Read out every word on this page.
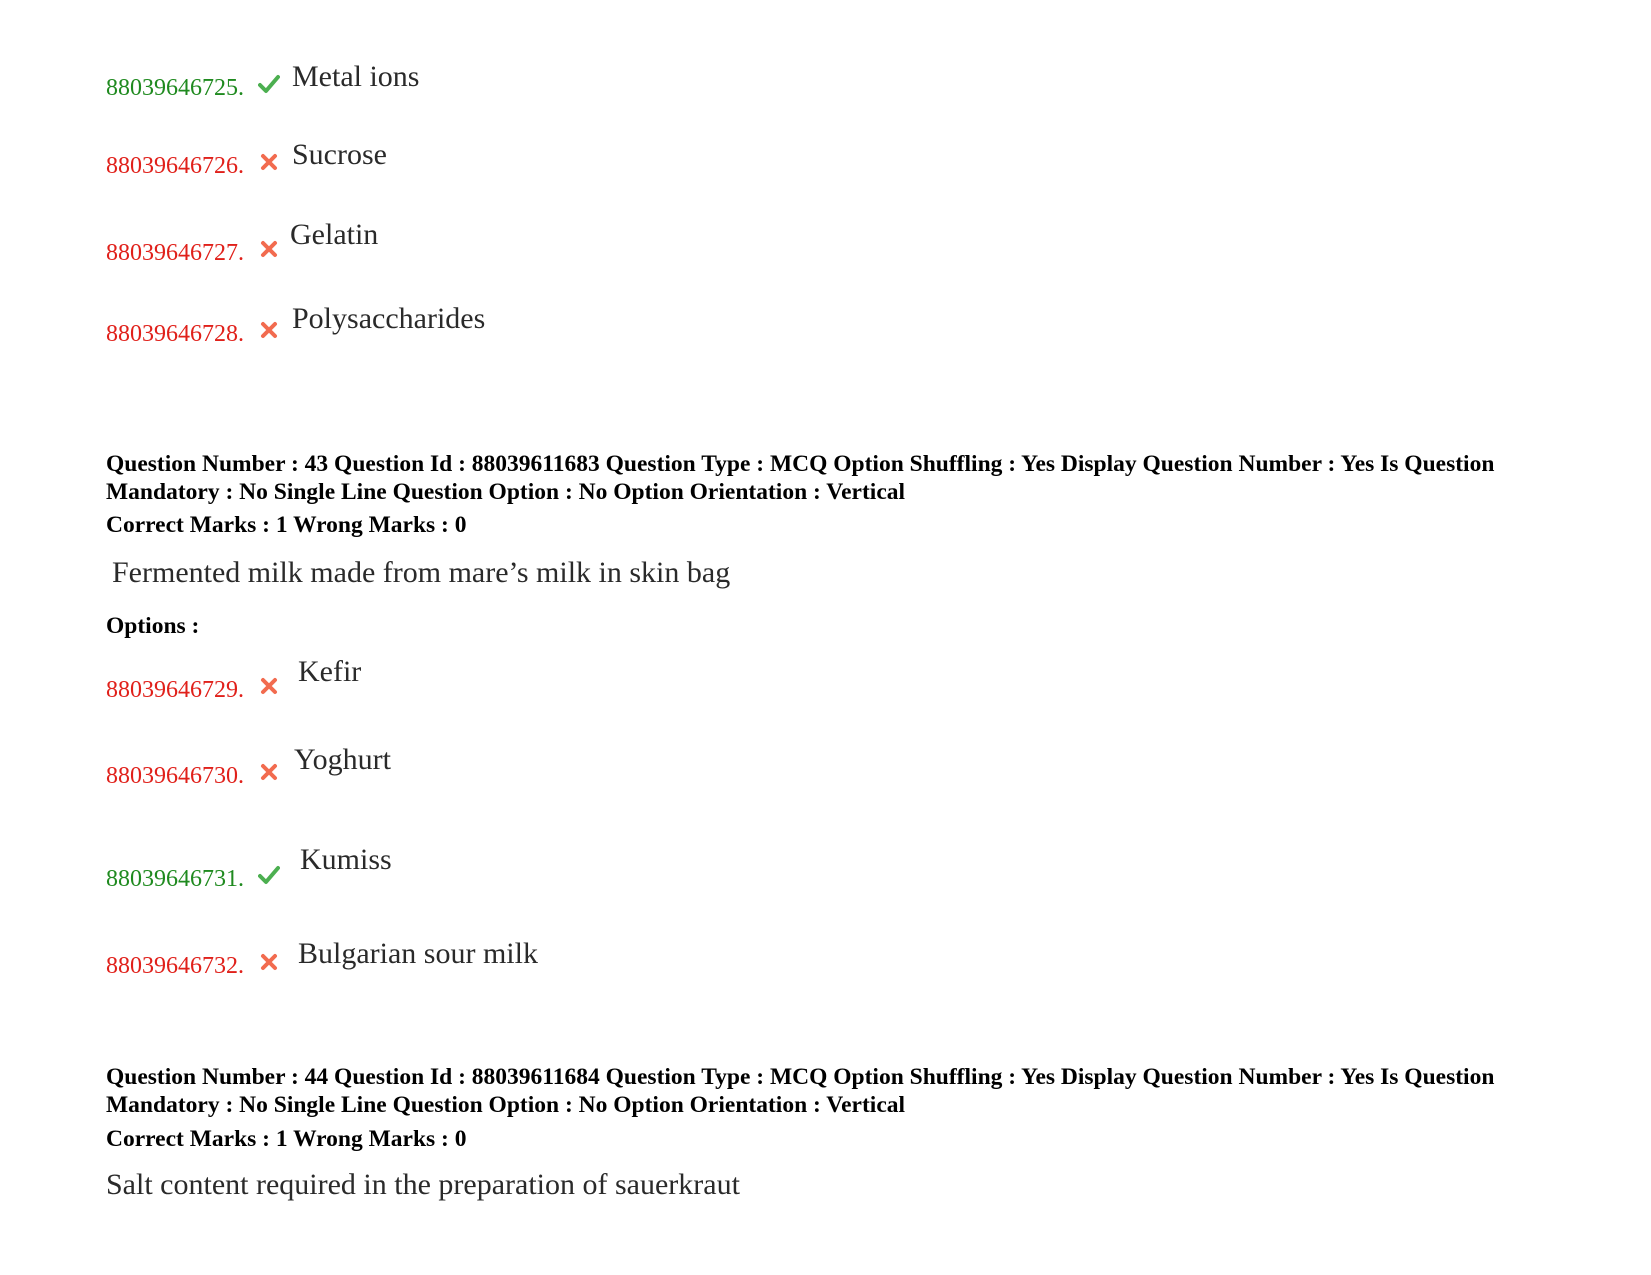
88039646725. Metal ions
88039646726. Sucrose
88039646727.
Gelatin
88039646728. Polysaccharides
Question Number : 43 Question Id : 88039611683 Question Type : MCQ Option Shuffling : Yes Display Question Number : Yes Is Question Mandatory : No Single Line Question Option : No Option Orientation : Vertical
Correct Marks : 1 Wrong Marks : 0
Fermented milk made from mare’s milk in skin bag
Options :
88039646729.
Kefir
88039646730. Yoghurt
88039646731.
Kumiss
88039646732. Bulgarian sour milk
Question Number : 44 Question Id : 88039611684 Question Type : MCQ Option Shuffling : Yes Display Question Number : Yes Is Question Mandatory : No Single Line Question Option : No Option Orientation : Vertical
Correct Marks : 1 Wrong Marks : 0
Salt content required in the preparation of sauerkraut
